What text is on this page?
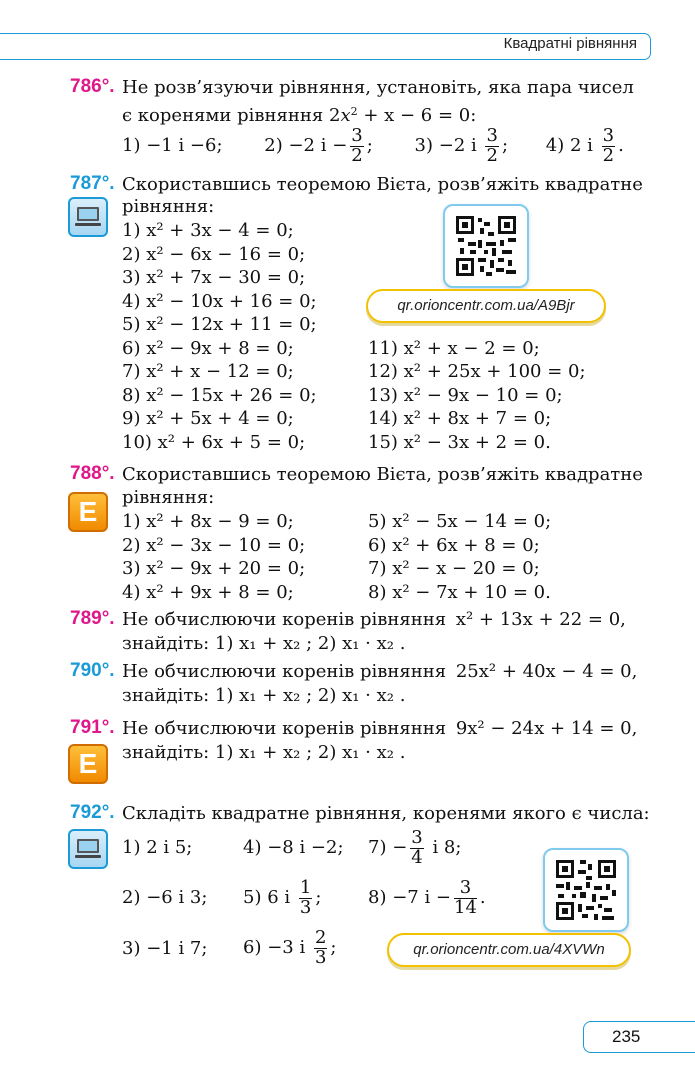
Квадратні рівняння
786°. Не розв’язуючи рівняння, установіть, яка пара чисел
є коренями рівняння $2x^2 + x - 6 = 0$:
1) −1 і −6; 2) −2 $і - \frac{3}{2}$ ; 3) −2 і $\frac{3}{2}$ ; 4) 2 і $\frac{3}{2}$ .
787°. Скориставшись теоремою Вієта, розв’яжіть квадратне
рівняння:
1) x² + 3x − 4 = 0;
2) x² − 6x − 16 = 0;
3) x² + 7x − 30 = 0;
4) x² − 10x + 16 = 0;
5) x² − 12x + 11 = 0;
6) x² − 9x + 8 = 0;
7) x² + x − 12 = 0;
8) x² − 15x + 26 = 0;
9) x² + 5x + 4 = 0;
10) x² + 6x + 5 = 0;
11) x² + x − 2 = 0;
12) x² + 25x + 100 = 0;
13) x² − 9x − 10 = 0;
14) x² + 8x + 7 = 0;
15) x² − 3x + 2 = 0.
qr.orioncentr.com.ua/A9Bjr
788°. Скориставшись теоремою Вієта, розв’яжіть квадратне
рівняння:
E	1) x² + 8x − 9 = 0;
2) x² − 3x − 10 = 0;
3) x² − 9x + 20 = 0;
4) x² + 9x + 8 = 0;
5) x² − 5x − 14 = 0;
6) x² + 6x + 8 = 0;
7) x² − x − 20 = 0;
8) x² − 7x + 10 = 0.
789°. Не обчислюючи коренів рівняння x² + 13x + 22 = 0,
знайдіть: 1) x₁ + x₂ ; 2) x₁ · x₂ .
790°. Не обчислюючи коренів рівняння 25x² + 40x − 4 = 0,
знайдіть: 1) x₁ + x₂ ; 2) x₁ · x₂ .
791°. Не обчислюючи коренів рівняння 9x² − 24x + 14 = 0,
знайдіть: 1) x₁ + x₂ ; 2) x₁ · x₂ .
E
792°. Складіть квадратне рівняння, коренями якого є числа:
1) 2 і 5;	4) −8 і −2; $7) - \frac{3}{4}$ і 8;
2) −6 і 3; 5) 6 і $\frac{1}{3}$ ;	8) −7 $і - \frac{3}{14}$ .
3) −1 і 7; 6) −3 і $\frac{2}{3}$ ;	qr.orioncentr.com.ua/4XVWn
235
